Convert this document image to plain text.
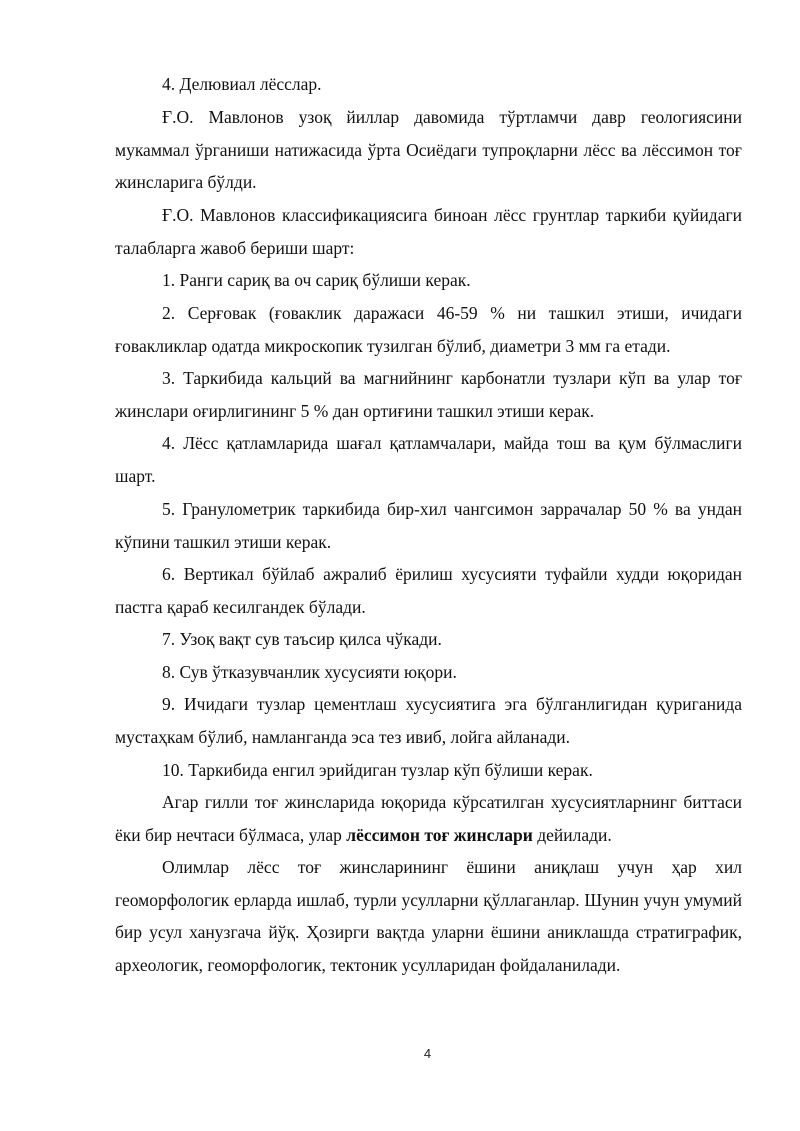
4. Делювиал лёсслар.

Ғ.О. Мавлонов узоқ йиллар давомида тўртламчи давр геологиясини мукаммал ўрганиши натижасида ўрта Осиёдаги тупроқларни лёсс ва лёссимон тоғ жинсларига бўлди.

Ғ.О. Мавлонов классификациясига биноан лёсс грунтлар таркиби қуйидаги талабларга жавоб бериши шарт:

1. Ранги сариқ ва оч сариқ бўлиши керак.

2. Серғовак (ғоваклик даражаси 46-59 % ни ташкил этиши, ичидаги ғовакликлар одатда микроскопик тузилган бўлиб, диаметри 3 мм га етади.

3. Таркибида кальций ва магнийнинг карбонатли тузлари кўп ва улар тоғ жинслари оғирлигининг 5 % дан ортиғини ташкил этиши керак.

4. Лёсс қатламларида шағал қатламчалари, майда тош ва қум бўлмаслиги шарт.

5. Гранулометрик таркибида бир-хил чангсимон заррачалар 50 % ва ундан кўпини ташкил этиши керак.

6. Вертикал бўйлаб ажралиб ёрилиш хусусияти туфайли худди юқоридан пастга қараб кесилгандек бўлади.

7. Узоқ вақт сув таъсир қилса чўкади.

8. Сув ўтказувчанлик хусусияти юқори.

9. Ичидаги тузлар цементлаш хусусиятига эга бўлганлигидан қуриганида мустаҳкам бўлиб, намланганда эса тез ивиб, лойга айланади.

10. Таркибида енгил эрийдиган тузлар кўп бўлиши керак.

Агар гилли тоғ жинсларида юқорида кўрсатилган хусусиятларнинг биттаси ёки бир нечтаси бўлмаса, улар лёссимон тоғ жинслари дейилади.

Олимлар лёсс тоғ жинсларининг ёшини аниқлаш учун ҳар хил геоморфологик ерларда ишлаб, турли усулларни қўллаганлар. Шунин учун умумий бир усул ханузгача йўқ. Ҳозирги вақтда уларни ёшини аниклашда стратиграфик, археологик, геоморфологик, тектоник усулларидан фойдаланилади.

4
